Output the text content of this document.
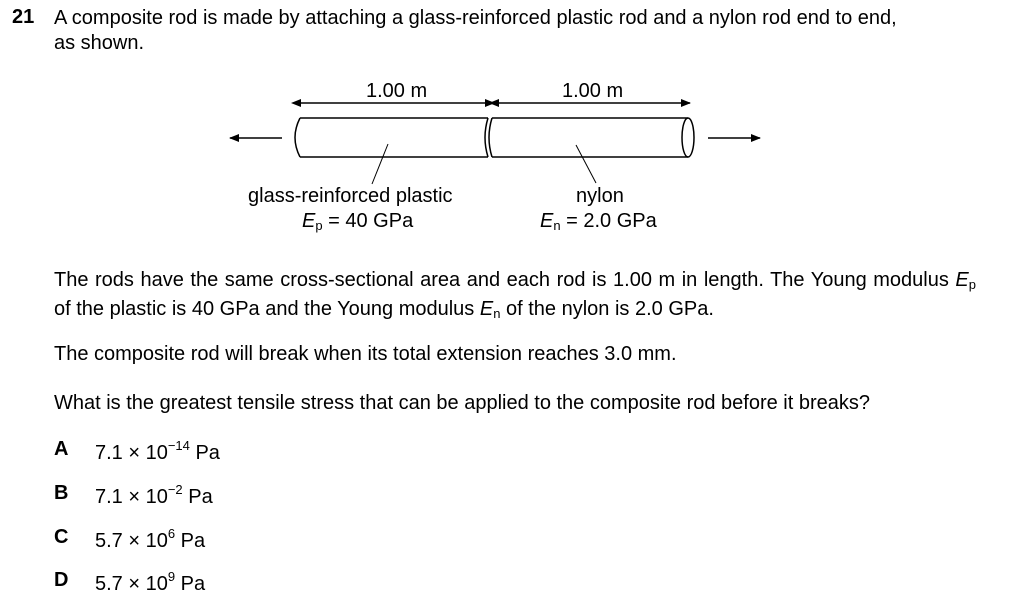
21 A composite rod is made by attaching a glass-reinforced plastic rod and a nylon rod end to end,
as shown.
1.00 m	1.00 m
glass-reinforced plastic
$E_p = 40$ GPa
nylon
$E_n = 2.0$ GPa
The rods have the same cross-sectional area and each rod is 1.00 m in length. The Young modulus $E_p$ of the plastic is 40 GPa and the Young modulus $E_n$ of the nylon is 2.0 GPa.
The composite rod will break when its total extension reaches 3.0 mm.
What is the greatest tensile stress that can be applied to the composite rod before it breaks?
A $7.1 \times 10^{-14}$ Pa
B $7.1 \times 10^{-2}$ Pa
C $5.7 \times 10^6$ Pa
D $5.7 \times 10^9$ Pa
